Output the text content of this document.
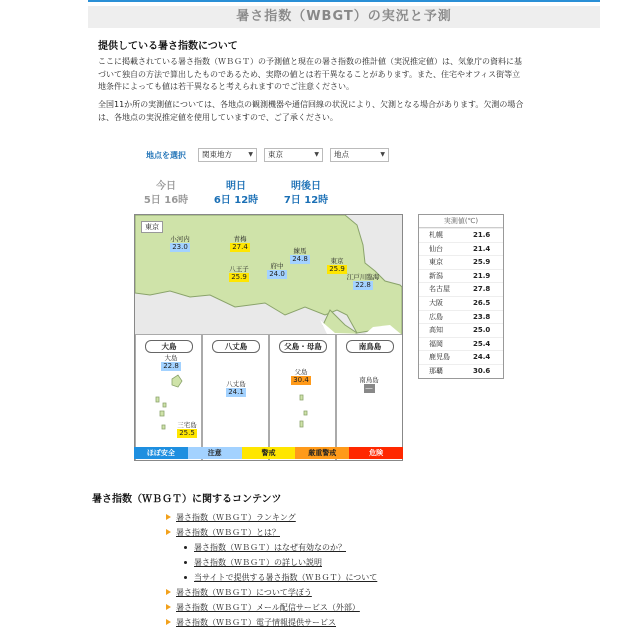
暑さ指数（WBGT）の実況と予測
提供している暑さ指数について
ここに掲載されている暑さ指数（ＷＢＧＴ）の予測値と現在の暑さ指数の推計値（実況推定値）は、気象庁の資料に基づいて独自の方法で算出したものであるため、実際の値とは若干異なることがあります。また、住宅やオフィス街等立地条件によっても値は若干異なると考えられますのでご注意ください。
全国11か所の実測値については、各地点の観測機器や通信回線の状況により、欠測となる場合があります。欠測の場合は、各地点の実況推定値を使用していますので、ご了承ください。
地点を選択	関東地方	▼	東京	▼	地点	▼
今日
5日 16時
明日
6日 12時
明後日
7日 12時
東京
小河内
23.0
青梅
27.4	練馬
24.8
八王子
25.9
府中
24.0
東京
25.9
江戸川臨海
22.8
大島
大島
22.8
三宅島
25.5
八丈島
八丈島
24.1
父島・母島
父島
30.4
南鳥島
南鳥島
―
ほぼ安全	注意	警戒	厳重警戒	危険
実測値(℃)
札幌	21.6
仙台	21.4
東京	25.9
新潟	21.9
名古屋	27.8
大阪	26.5
広島	23.8
高知	25.0
福岡	25.4
鹿児島	24.4
那覇	30.6
暑さ指数（ＷＢＧＴ）に関するコンテンツ
暑さ指数（ＷＢＧＴ）ランキング
暑さ指数（ＷＢＧＴ）とは？
暑さ指数（ＷＢＧＴ）はなぜ有効なのか？
暑さ指数（ＷＢＧＴ）の詳しい説明
当サイトで提供する暑さ指数（ＷＢＧＴ）について
暑さ指数（ＷＢＧＴ）について学ぼう
暑さ指数（ＷＢＧＴ）メール配信サービス（外部）
暑さ指数（ＷＢＧＴ）電子情報提供サービス
